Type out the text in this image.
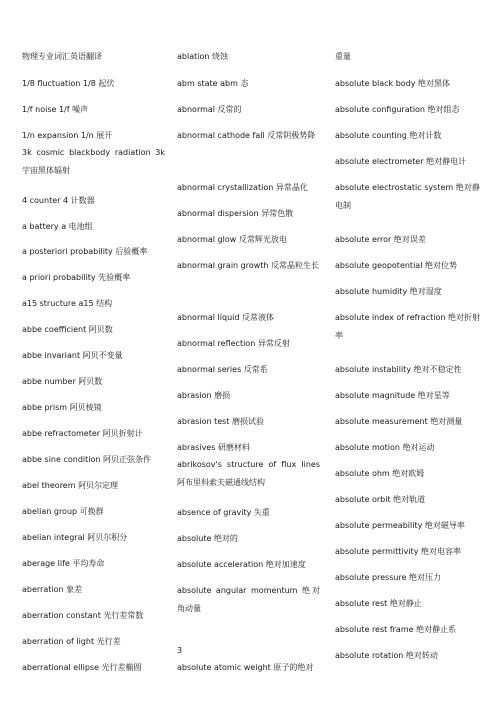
物理专业词汇英语翻译
1/8 fluctuation 1/8 起伏
1/f noise 1/f 噪声
1/n expansion 1/n 展开
3k cosmic blackbody radiation 3k 宇宙黑体辐射
4 counter 4 计数器
a battery a 电池组
a posteriori probability 后验概率
a priori probability 先验概率
a15 structure a15 结构
abbe coefficient 阿贝数
abbe invariant 阿贝不变量
abbe number 阿贝数
abbe prism 阿贝棱镜
abbe refractometer 阿贝折射计
abbe sine condition 阿贝正弦条件
abel theorem 阿贝尔定理
abelian group 可换群
abelian integral 阿贝尔积分
aberage life 平均寿命
aberration 象差
aberration constant 光行差常数
aberration of light 光行差
aberrational ellipse 光行差椭圆
ablation 烧蚀
abm state abm 态
abnormal 反常的
abnormal cathode fall 反常阴极势降
abnormal crystallization 异常晶化
abnormal dispersion 异常色散
abnormal glow 反常辉光放电
abnormal grain growth 反常晶粒生长
abnormal liquid 反常液体
abnormal reflection 异常反射
abnormal series 反常系
abrasion 磨损
abrasion test 磨损试验
abrasives 研磨材料
abrikosov's structure of flux lines 阿布里科索夫磁通线结构
absence of gravity 失重
absolute 绝对的
absolute acceleration 绝对加速度
absolute angular momentum 绝对角动量
3
absolute atomic weight 原子的绝对
重量
absolute black body 绝对黑体
absolute configuration 绝对组态
absolute counting 绝对计数
absolute electrometer 绝对静电计
absolute electrostatic system 绝对静电制
absolute error 绝对误差
absolute geopotential 绝对位势
absolute humidity 绝对湿度
absolute index of refraction 绝对折射率
absolute instability 绝对不稳定性
absolute magnitude 绝对星等
absolute measurement 绝对测量
absolute motion 绝对运动
absolute ohm 绝对欧姆
absolute orbit 绝对轨道
absolute permeability 绝对磁导率
absolute permittivity 绝对电容率
absolute pressure 绝对压力
absolute rest 绝对静止
absolute rest frame 绝对静止系
absolute rotation 绝对转动
